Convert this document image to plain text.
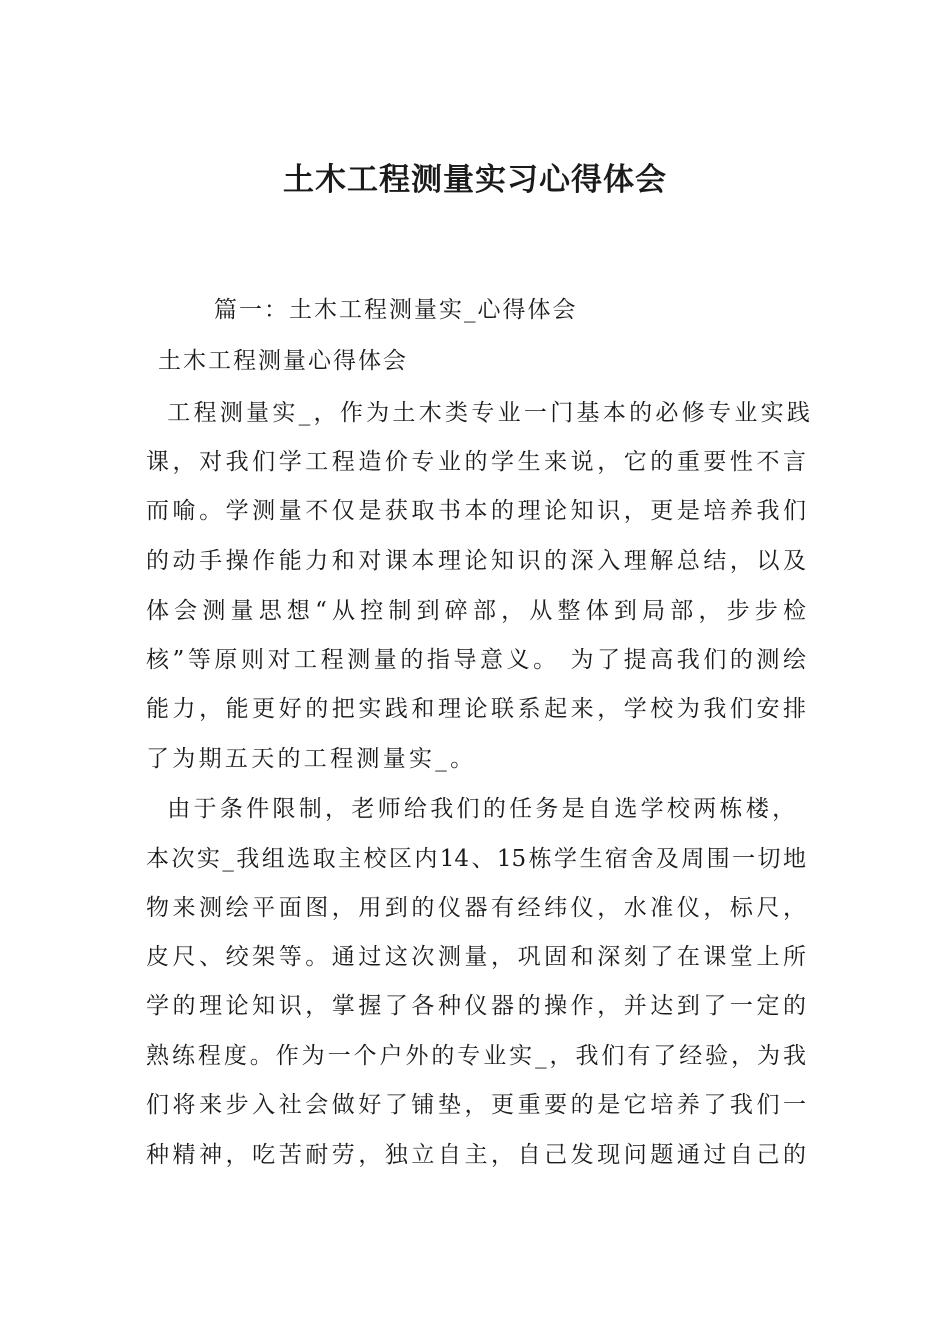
土木工程测量实习心得体会

篇一：土木工程测量实_心得体会

土木工程测量心得体会

工程测量实_，作为土木类专业一门基本的必修专业实践

课，对我们学工程造价专业的学生来说，它的重要性不言

而喻。学测量不仅是获取书本的理论知识，更是培养我们

的动手操作能力和对课本理论知识的深入理解总结，以及

体会测量思想“从控制到碎部，从整体到局部，步步检

核”等原则对工程测量的指导意义。 为了提高我们的测绘

能力，能更好的把实践和理论联系起来，学校为我们安排

了为期五天的工程测量实_。

由于条件限制，老师给我们的任务是自选学校两栋楼，

本次实_我组选取主校区内14、15栋学生宿舍及周围一切地

物来测绘平面图，用到的仪器有经纬仪，水准仪，标尺，

皮尺、绞架等。通过这次测量，巩固和深刻了在课堂上所

学的理论知识，掌握了各种仪器的操作，并达到了一定的

熟练程度。作为一个户外的专业实_，我们有了经验，为我

们将来步入社会做好了铺垫，更重要的是它培养了我们一

种精神，吃苦耐劳，独立自主，自己发现问题通过自己的
